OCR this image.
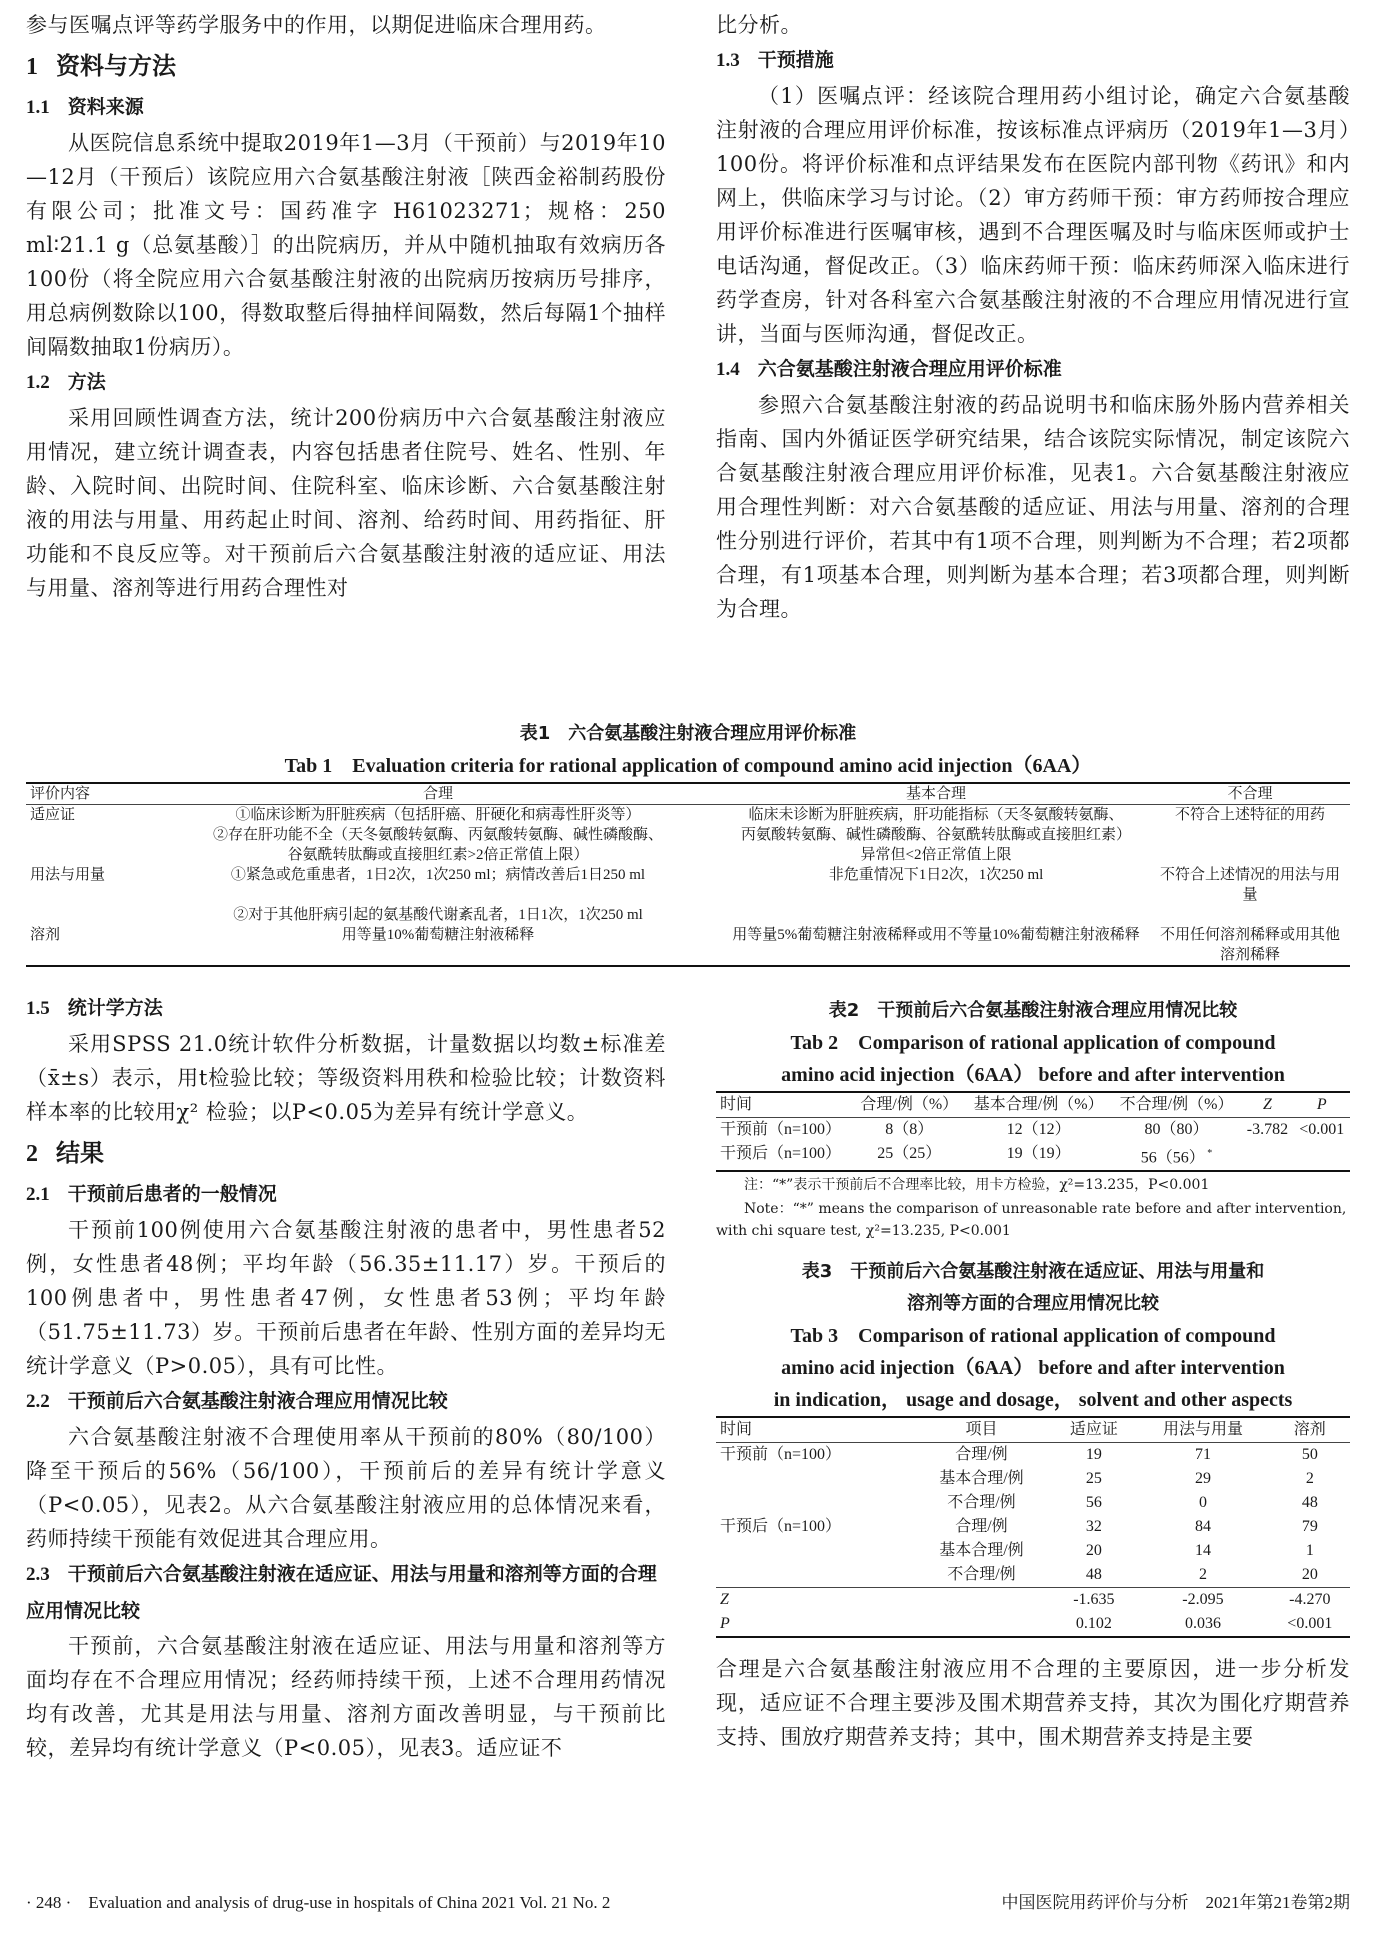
参与医嘱点评等药学服务中的作用，以期促进临床合理用药。

1 资料与方法
1.1 资料来源

从医院信息系统中提取2019年1—3月（干预前）与2019年10—12月（干预后）该院应用六合氨基酸注射液［陕西金裕制药股份有限公司；批准文号：国药准字 H61023271；规格：250 ml∶21.1 g（总氨基酸）］的出院病历，并从中随机抽取有效病历各100份（将全院应用六合氨基酸注射液的出院病历按病历号排序，用总病例数除以100，得数取整后得抽样间隔数，然后每隔1个抽样间隔数抽取1份病历）。

1.2 方法

采用回顾性调查方法，统计200份病历中六合氨基酸注射液应用情况，建立统计调查表，内容包括患者住院号、姓名、性别、年龄、入院时间、出院时间、住院科室、临床诊断、六合氨基酸注射液的用法与用量、用药起止时间、溶剂、给药时间、用药指征、肝功能和不良反应等。对干预前后六合氨基酸注射液的适应证、用法与用量、溶剂等进行用药合理性对

比分析。

1.3 干预措施

（1）医嘱点评：经该院合理用药小组讨论，确定六合氨基酸注射液的合理应用评价标准，按该标准点评病历（2019年1—3月）100份。将评价标准和点评结果发布在医院内部刊物《药讯》和内网上，供临床学习与讨论。（2）审方药师干预：审方药师按合理应用评价标准进行医嘱审核，遇到不合理医嘱及时与临床医师或护士电话沟通，督促改正。（3）临床药师干预：临床药师深入临床进行药学查房，针对各科室六合氨基酸注射液的不合理应用情况进行宣讲，当面与医师沟通，督促改正。

1.4 六合氨基酸注射液合理应用评价标准

参照六合氨基酸注射液的药品说明书和临床肠外肠内营养相关指南、国内外循证医学研究结果，结合该院实际情况，制定该院六合氨基酸注射液合理应用评价标准，见表1。六合氨基酸注射液应用合理性判断：对六合氨基酸的适应证、用法与用量、溶剂的合理性分别进行评价，若其中有1项不合理，则判断为不合理；若2项都合理，有1项基本合理，则判断为基本合理；若3项都合理，则判断为合理。

表1　六合氨基酸注射液合理应用评价标准

Tab 1　Evaluation criteria for rational application of compound amino acid injection（6AA）

评价内容	合理	基本合理	不合理
适应证	①临床诊断为肝脏疾病（包括肝癌、肝硬化和病毒性肝炎等）	临床未诊断为肝脏疾病，肝功能指标（天冬氨酸转氨酶、	不符合上述特征的用药
	②存在肝功能不全（天冬氨酸转氨酶、丙氨酸转氨酶、碱性磷酸酶、	丙氨酸转氨酶、碱性磷酸酶、谷氨酰转肽酶或直接胆红素）	
	谷氨酰转肽酶或直接胆红素>2倍正常值上限）	异常但<2倍正常值上限	
用法与用量	①紧急或危重患者，1日2次，1次250 ml；病情改善后1日250 ml	非危重情况下1日2次，1次250 ml	不符合上述情况的用法与用量
	②对于其他肝病引起的氨基酸代谢紊乱者，1日1次，1次250 ml		
溶剂	用等量10%葡萄糖注射液稀释	用等量5%葡萄糖注射液稀释或用不等量10%葡萄糖注射液稀释	不用任何溶剂稀释或用其他溶剂稀释
1.5 统计学方法

采用SPSS 21.0统计软件分析数据，计量数据以均数±标准差（x̄±s）表示，用t检验比较；等级资料用秩和检验比较；计数资料样本率的比较用χ² 检验；以P<0.05为差异有统计学意义。

2 结果
2.1 干预前后患者的一般情况

干预前100例使用六合氨基酸注射液的患者中，男性患者52例，女性患者48例；平均年龄（56.35±11.17）岁。干预后的100例患者中，男性患者47例，女性患者53例；平均年龄（51.75±11.73）岁。干预前后患者在年龄、性别方面的差异均无统计学意义（P>0.05），具有可比性。

2.2 干预前后六合氨基酸注射液合理应用情况比较

六合氨基酸注射液不合理使用率从干预前的80%（80/100）降至干预后的56%（56/100），干预前后的差异有统计学意义（P<0.05），见表2。从六合氨基酸注射液应用的总体情况来看，药师持续干预能有效促进其合理应用。

2.3 干预前后六合氨基酸注射液在适应证、用法与用量和溶剂等方面的合理应用情况比较

干预前，六合氨基酸注射液在适应证、用法与用量和溶剂等方面均存在不合理应用情况；经药师持续干预，上述不合理用药情况均有改善，尤其是用法与用量、溶剂方面改善明显，与干预前比较，差异均有统计学意义（P<0.05），见表3。适应证不

表2　干预前后六合氨基酸注射液合理应用情况比较

Tab 2　Comparison of rational application of compound

amino acid injection（6AA） before and after intervention

时间	合理/例（%）	基本合理/例（%）	不合理/例（%）	Z	P
干预前（n=100）	8（8）	12（12）	80（80）	-3.782	<0.001
干预后（n=100）	25（25）	19（19）	56（56） *		

注：“*”表示干预前后不合理率比较，用卡方检验，χ²=13.235，P<0.001

Note：“*” means the comparison of unreasonable rate before and after intervention, with chi square test, χ²=13.235, P<0.001

表3　干预前后六合氨基酸注射液在适应证、用法与用量和

溶剂等方面的合理应用情况比较

Tab 3　Comparison of rational application of compound

amino acid injection（6AA） before and after intervention

in indication， usage and dosage， solvent and other aspects

时间	项目	适应证	用法与用量	溶剂
干预前（n=100）	合理/例	19	71	50
	基本合理/例	25	29	2
	不合理/例	56	0	48
干预后（n=100）	合理/例	32	84	79
	基本合理/例	20	14	1
	不合理/例	48	2	20
Z		-1.635	-2.095	-4.270
P		0.102	0.036	<0.001

合理是六合氨基酸注射液应用不合理的主要原因，进一步分析发现，适应证不合理主要涉及围术期营养支持，其次为围化疗期营养支持、围放疗期营养支持；其中，围术期营养支持是主要

· 248 ·　Evaluation and analysis of drug-use in hospitals of China 2021 Vol. 21 No. 2	中国医院用药评价与分析　2021年第21卷第2期
